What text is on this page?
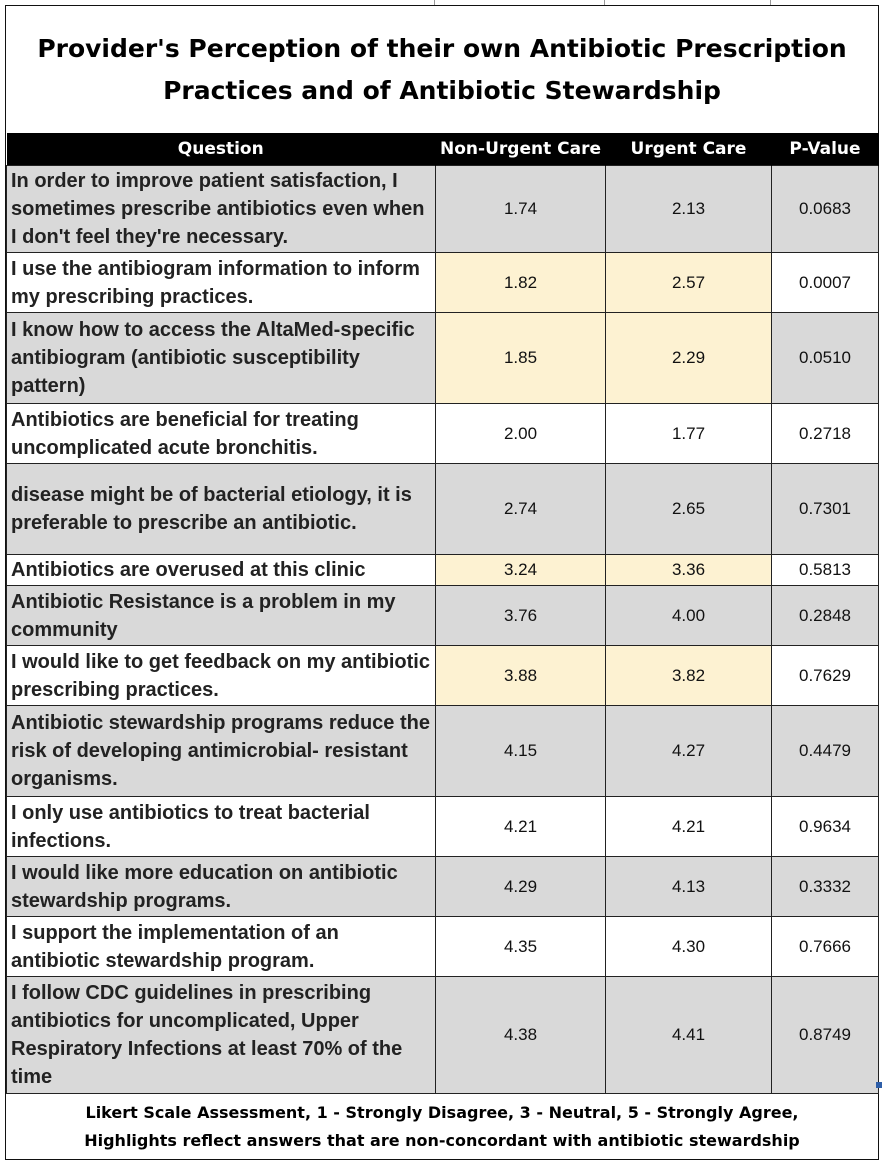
Provider's Perception of their own Antibiotic Prescription
Practices and of Antibiotic Stewardship
Question	Non-Urgent Care	Urgent Care	P-Value
In order to improve patient satisfaction, I sometimes prescribe antibiotics even when I don't feel they're necessary.	1.74	2.13	0.0683
I use the antibiogram information to inform my prescribing practices.	1.82	2.57	0.0007
I know how to access the AltaMed-specific antibiogram (antibiotic susceptibility pattern)	1.85	2.29	0.0510
Antibiotics are beneficial for treating uncomplicated acute bronchitis.	2.00	1.77	0.2718
disease might be of bacterial etiology, it is preferable to prescribe an antibiotic.	2.74	2.65	0.7301
Antibiotics are overused at this clinic	3.24	3.36	0.5813
Antibiotic Resistance is a problem in my community	3.76	4.00	0.2848
I would like to get feedback on my antibiotic prescribing practices.	3.88	3.82	0.7629
Antibiotic stewardship programs reduce the risk of developing antimicrobial- resistant organisms.	4.15	4.27	0.4479
I only use antibiotics to treat bacterial infections.	4.21	4.21	0.9634
I would like more education on antibiotic stewardship programs.	4.29	4.13	0.3332
I support the implementation of an antibiotic stewardship program.	4.35	4.30	0.7666
I follow CDC guidelines in prescribing antibiotics for uncomplicated, Upper Respiratory Infections at least 70% of the time	4.38	4.41	0.8749
Likert Scale Assessment, 1 - Strongly Disagree, 3 - Neutral, 5 - Strongly Agree,
Highlights reflect answers that are non-concordant with antibiotic stewardship
